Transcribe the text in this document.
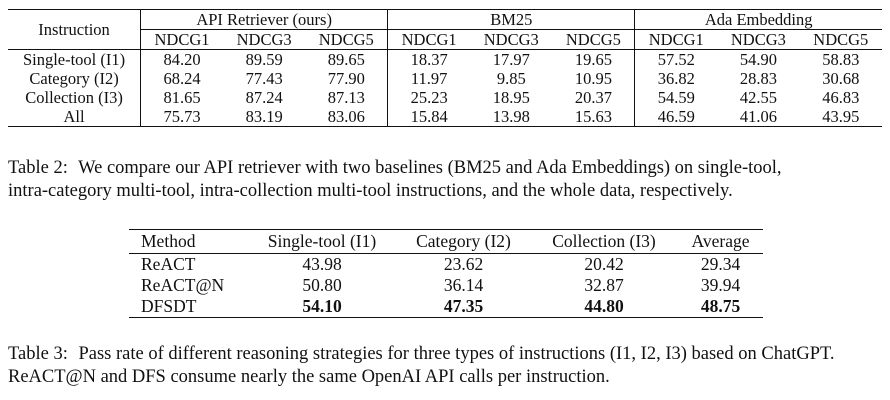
Instruction	API Retriever (ours)			BM25			Ada Embedding		
	NDCG1	NDCG3	NDCG5	NDCG1	NDCG3	NDCG5	NDCG1	NDCG3	NDCG5
Single-tool (I1)	84.20	89.59	89.65	18.37	17.97	19.65	57.52	54.90	58.83
Category (I2)	68.24	77.43	77.90	11.97	9.85	10.95	36.82	28.83	30.68
Collection (I3)	81.65	87.24	87.13	25.23	18.95	20.37	54.59	42.55	46.83
All	75.73	83.19	83.06	15.84	13.98	15.63	46.59	41.06	43.95
Table 2: We compare our API retriever with two baselines (BM25 and Ada Embeddings) on single-tool,
intra-category multi-tool, intra-collection multi-tool instructions, and the whole data, respectively.
Method	Single-tool (I1)	Category (I2)	Collection (I3)	Average
ReACT	43.98	23.62	20.42	29.34
ReACT@N	50.80	36.14	32.87	39.94
DFSDT	54.10	47.35	44.80	48.75
Table 3: Pass rate of different reasoning strategies for three types of instructions (I1, I2, I3) based on ChatGPT.
ReACT@N and DFS consume nearly the same OpenAI API calls per instruction.
